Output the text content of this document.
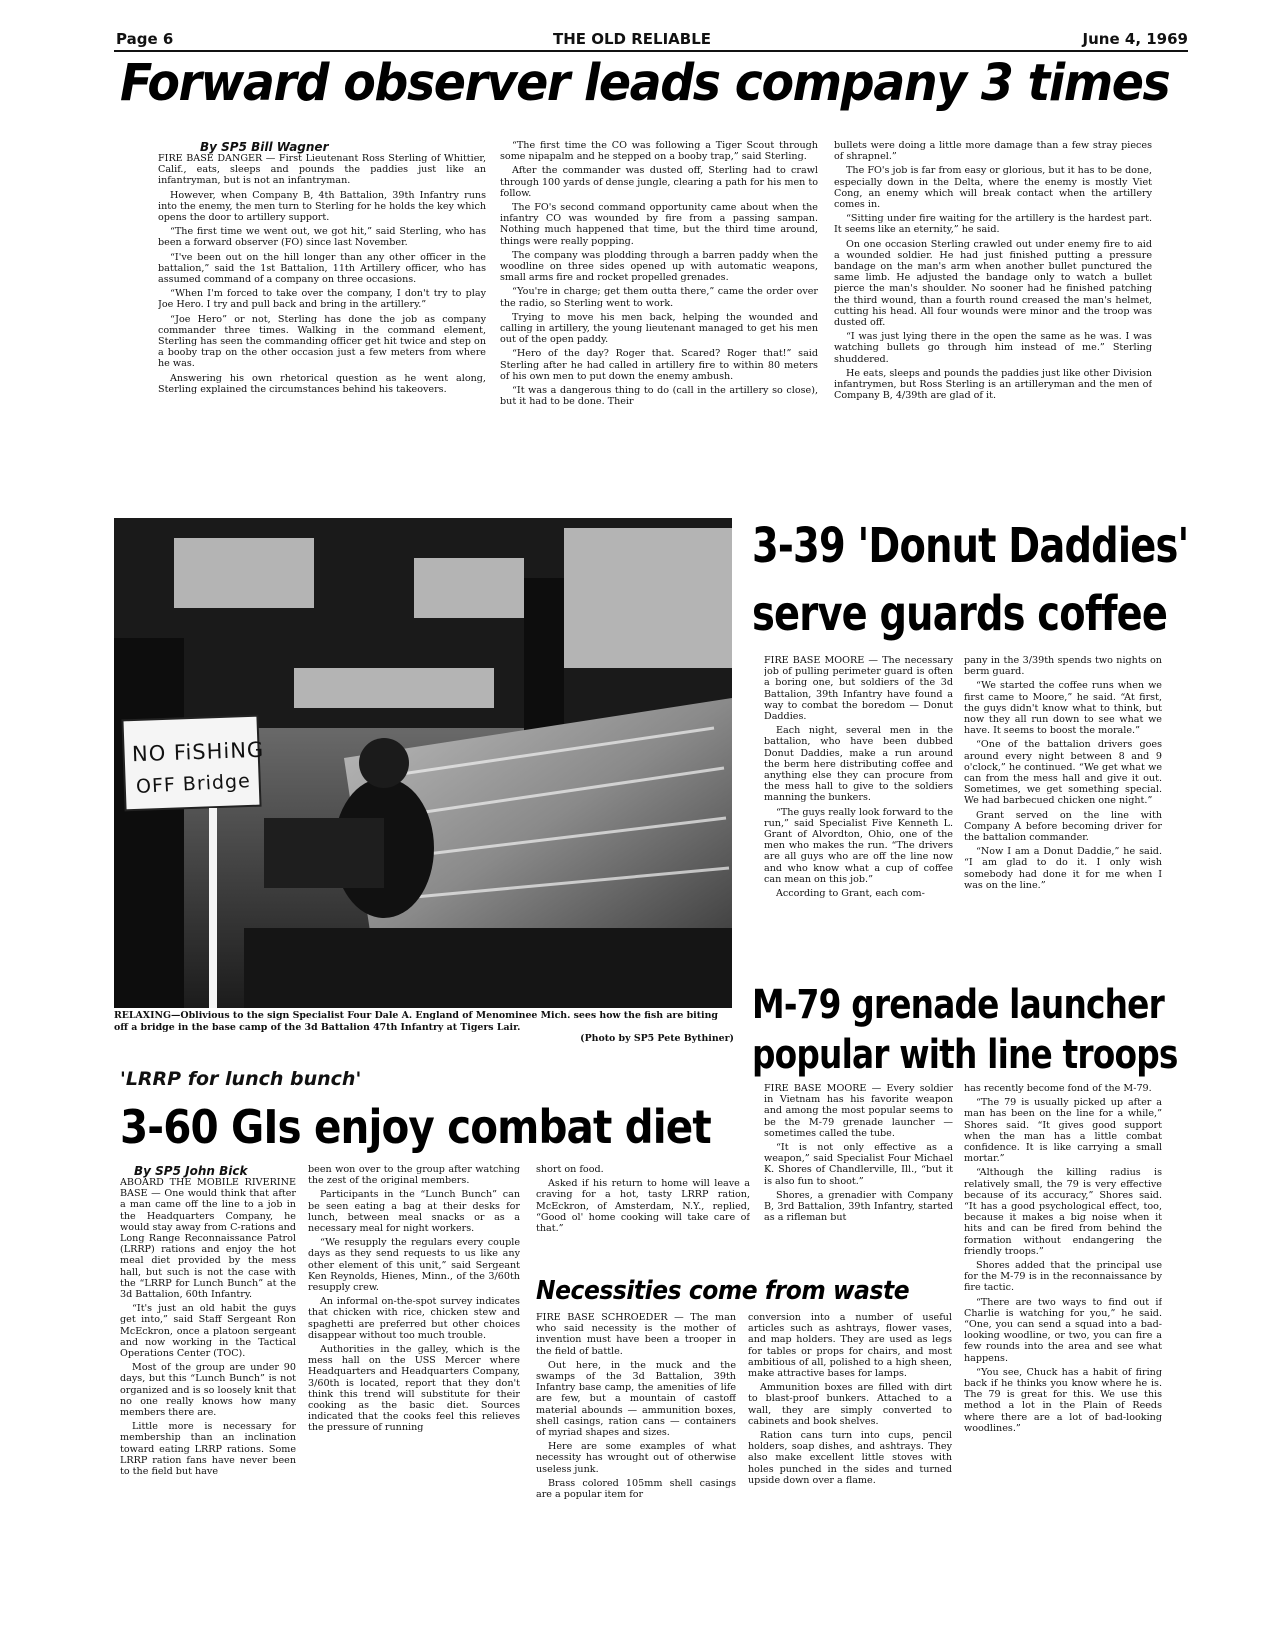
Page 6	THE OLD RELIABLE	June 4, 1969
Forward observer leads company 3 times
By SP5 Bill Wagner

FIRE BASE DANGER — First Lieutenant Ross Sterling of Whittier, Calif., eats, sleeps and pounds the paddies just like an infantryman, but is not an infantryman.

However, when Company B, 4th Battalion, 39th Infantry runs into the enemy, the men turn to Sterling for he holds the key which opens the door to artillery support.

“The first time we went out, we got hit,” said Sterling, who has been a forward observer (FO) since last November.

“I've been out on the hill longer than any other officer in the battalion,” said the 1st Battalion, 11th Artillery officer, who has assumed command of a company on three occasions.

“When I'm forced to take over the company, I don't try to play Joe Hero. I try and pull back and bring in the artillery.”

“Joe Hero” or not, Sterling has done the job as company commander three times. Walking in the command element, Sterling has seen the commanding officer get hit twice and step on a booby trap on the other occasion just a few meters from where he was.

Answering his own rhetorical question as he went along, Sterling explained the circumstances behind his takeovers.

“The first time the CO was following a Tiger Scout through some nipapalm and he stepped on a booby trap,” said Sterling.

After the commander was dusted off, Sterling had to crawl through 100 yards of dense jungle, clearing a path for his men to follow.

The FO's second command opportunity came about when the infantry CO was wounded by fire from a passing sampan. Nothing much happened that time, but the third time around, things were really popping.

The company was plodding through a barren paddy when the woodline on three sides opened up with automatic weapons, small arms fire and rocket propelled grenades.

“You're in charge; get them outta there,” came the order over the radio, so Sterling went to work.

Trying to move his men back, helping the wounded and calling in artillery, the young lieutenant managed to get his men out of the open paddy.

“Hero of the day? Roger that. Scared? Roger that!” said Sterling after he had called in artillery fire to within 80 meters of his own men to put down the enemy ambush.

“It was a dangerous thing to do (call in the artillery so close), but it had to be done. Their

bullets were doing a little more damage than a few stray pieces of shrapnel.”

The FO's job is far from easy or glorious, but it has to be done, especially down in the Delta, where the enemy is mostly Viet Cong, an enemy which will break contact when the artillery comes in.

“Sitting under fire waiting for the artillery is the hardest part. It seems like an eternity,” he said.

On one occasion Sterling crawled out under enemy fire to aid a wounded soldier. He had just finished putting a pressure bandage on the man's arm when another bullet punctured the same limb. He adjusted the bandage only to watch a bullet pierce the man's shoulder. No sooner had he finished patching the third wound, than a fourth round creased the man's helmet, cutting his head. All four wounds were minor and the troop was dusted off.

“I was just lying there in the open the same as he was. I was watching bullets go through him instead of me.” Sterling shuddered.

He eats, sleeps and pounds the paddies just like other Division infantrymen, but Ross Sterling is an artilleryman and the men of Company B, 4/39th are glad of it.

NO FiSHiNG
OFF Bridge
RELAXING—Oblivious to the sign Specialist Four Dale A. England of Menominee Mich. sees how the fish are biting off a bridge in the base camp of the 3d Battalion 47th Infantry at Tigers Lair.
(Photo by SP5 Pete Bythiner)
3-39 'Donut Daddies'
serve guards coffee

FIRE BASE MOORE — The necessary job of pulling perimeter guard is often a boring one, but soldiers of the 3d Battalion, 39th Infantry have found a way to combat the boredom — Donut Daddies.

Each night, several men in the battalion, who have been dubbed Donut Daddies, make a run around the berm here distributing coffee and anything else they can procure from the mess hall to give to the soldiers manning the bunkers.

“The guys really look forward to the run,” said Specialist Five Kenneth L. Grant of Alvordton, Ohio, one of the men who makes the run. “The drivers are all guys who are off the line now and who know what a cup of coffee can mean on this job.”

According to Grant, each com-

pany in the 3/39th spends two nights on berm guard.

“We started the coffee runs when we first came to Moore,” he said. “At first, the guys didn't know what to think, but now they all run down to see what we have. It seems to boost the morale.”

“One of the battalion drivers goes around every night between 8 and 9 o'clock,” he continued. “We get what we can from the mess hall and give it out. Sometimes, we get something special. We had barbecued chicken one night.”

Grant served on the line with Company A before becoming driver for the battalion commander.

“Now I am a Donut Daddie,” he said. “I am glad to do it. I only wish somebody had done it for me when I was on the line.”

M-79 grenade launcher
popular with line troops

FIRE BASE MOORE — Every soldier in Vietnam has his favorite weapon and among the most popular seems to be the M-79 grenade launcher — sometimes called the tube.

“It is not only effective as a weapon,” said Specialist Four Michael K. Shores of Chandlerville, Ill., “but it is also fun to shoot.”

Shores, a grenadier with Company B, 3rd Battalion, 39th Infantry, started as a rifleman but

has recently become fond of the M-79.

“The 79 is usually picked up after a man has been on the line for a while,” Shores said. “It gives good support when the man has a little combat confidence. It is like carrying a small mortar.”

“Although the killing radius is relatively small, the 79 is very effective because of its accuracy,” Shores said. “It has a good psychological effect, too, because it makes a big noise when it hits and can be fired from behind the formation without endangering the friendly troops.”

Shores added that the principal use for the M-79 is in the reconnaissance by fire tactic.

“There are two ways to find out if Charlie is watching for you,” he said. “One, you can send a squad into a bad-looking woodline, or two, you can fire a few rounds into the area and see what happens.

“You see, Chuck has a habit of firing back if he thinks you know where he is. The 79 is great for this. We use this method a lot in the Plain of Reeds where there are a lot of bad-looking woodlines.”

'LRRP for lunch bunch'
3-60 GIs enjoy combat diet
By SP5 John Bick

ABOARD THE MOBILE RIVERINE BASE — One would think that after a man came off the line to a job in the Headquarters Company, he would stay away from C-rations and Long Range Reconnaissance Patrol (LRRP) rations and enjoy the hot meal diet provided by the mess hall, but such is not the case with the “LRRP for Lunch Bunch” at the 3d Battalion, 60th Infantry.

“It's just an old habit the guys get into,” said Staff Sergeant Ron McEckron, once a platoon sergeant and now working in the Tactical Operations Center (TOC).

Most of the group are under 90 days, but this “Lunch Bunch” is not organized and is so loosely knit that no one really knows how many members there are.

Little more is necessary for membership than an inclination toward eating LRRP rations. Some LRRP ration fans have never been to the field but have

been won over to the group after watching the zest of the original members.

Participants in the “Lunch Bunch” can be seen eating a bag at their desks for lunch, between meal snacks or as a necessary meal for night workers.

“We resupply the regulars every couple days as they send requests to us like any other element of this unit,” said Sergeant Ken Reynolds, Hienes, Minn., of the 3/60th resupply crew.

An informal on-the-spot survey indicates that chicken with rice, chicken stew and spaghetti are preferred but other choices disappear without too much trouble.

Authorities in the galley, which is the mess hall on the USS Mercer where Headquarters and Headquarters Company, 3/60th is located, report that they don't think this trend will substitute for their cooking as the basic diet. Sources indicated that the cooks feel this relieves the pressure of running

short on food.

Asked if his return to home will leave a craving for a hot, tasty LRRP ration, McEckron, of Amsterdam, N.Y., replied, “Good ol' home cooking will take care of that.”

Necessities come from waste

FIRE BASE SCHROEDER — The man who said necessity is the mother of invention must have been a trooper in the field of battle.

Out here, in the muck and the swamps of the 3d Battalion, 39th Infantry base camp, the amenities of life are few, but a mountain of castoff material abounds — ammunition boxes, shell casings, ration cans — containers of myriad shapes and sizes.

Here are some examples of what necessity has wrought out of otherwise useless junk.

Brass colored 105mm shell casings are a popular item for

conversion into a number of useful articles such as ashtrays, flower vases, and map holders. They are used as legs for tables or props for chairs, and most ambitious of all, polished to a high sheen, make attractive bases for lamps.

Ammunition boxes are filled with dirt to blast-proof bunkers. Attached to a wall, they are simply converted to cabinets and book shelves.

Ration cans turn into cups, pencil holders, soap dishes, and ashtrays. They also make excellent little stoves with holes punched in the sides and turned upside down over a flame.
